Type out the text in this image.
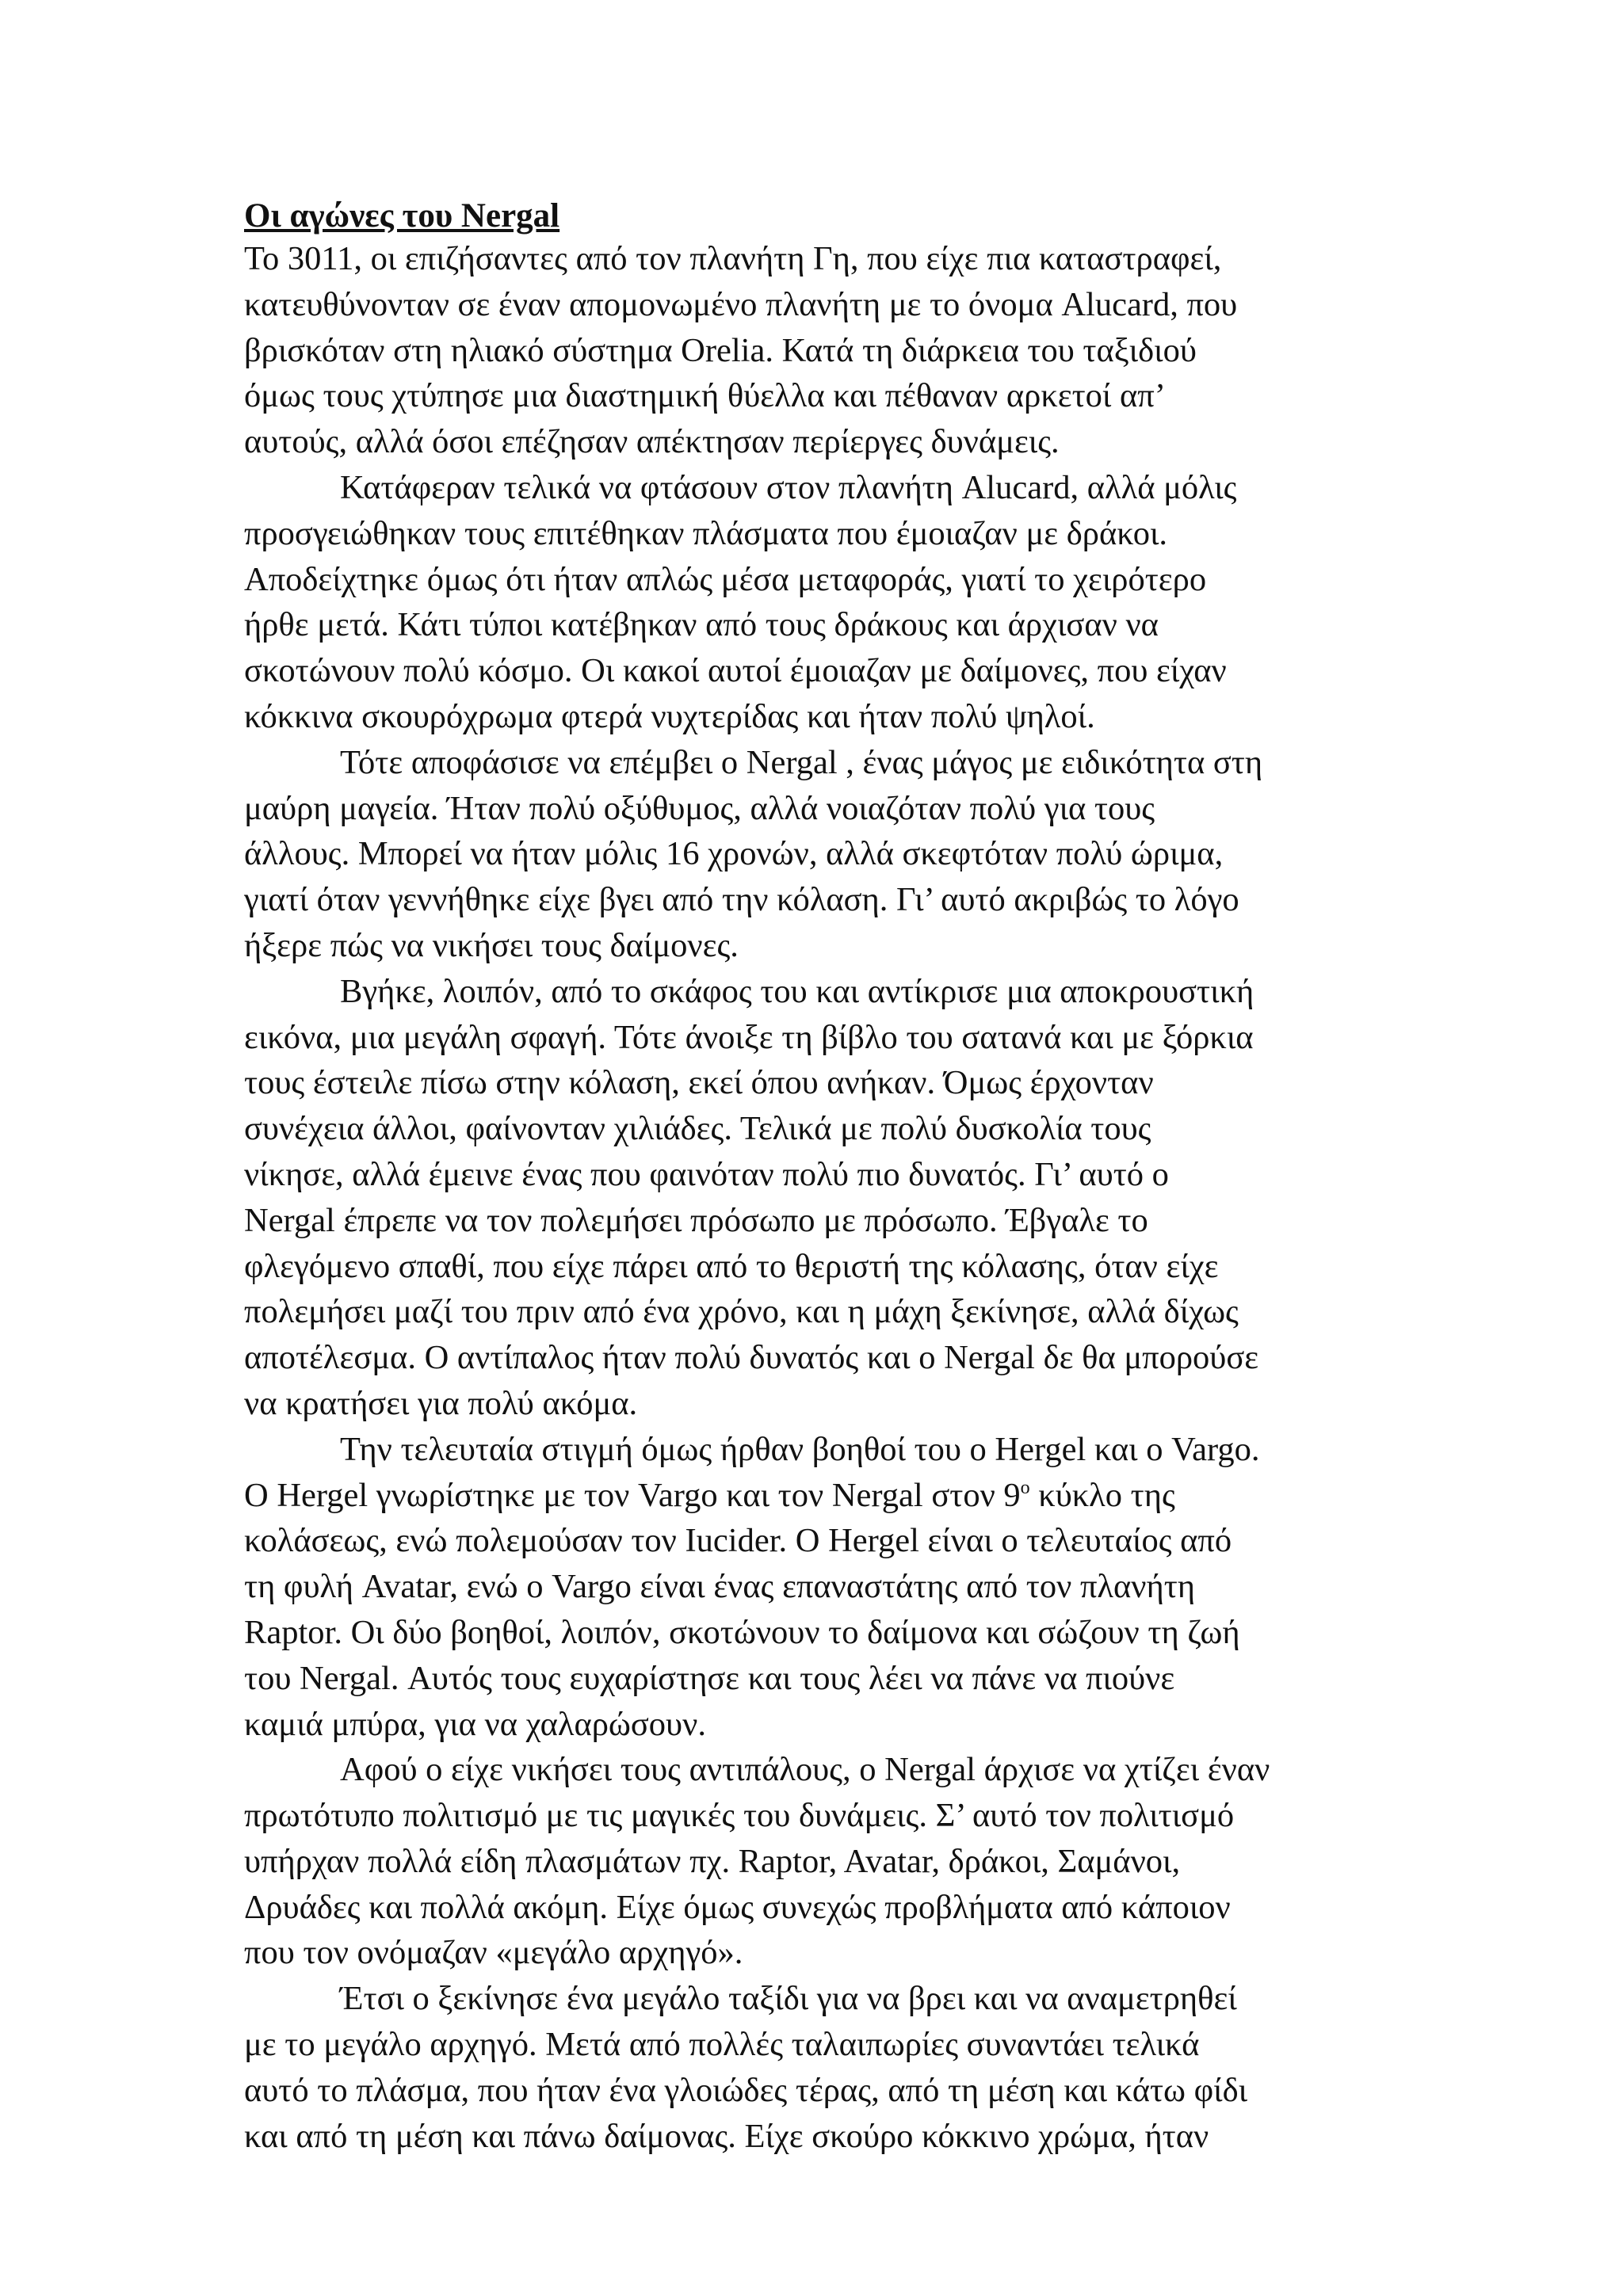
Οι αγώνες του Nergal
Το 3011, οι επιζήσαντες από τον πλανήτη Γη, που είχε πια καταστραφεί,
κατευθύνονταν σε έναν απομονωμένο πλανήτη με το όνομα Alucard, που
βρισκόταν στη ηλιακό σύστημα Orelia. Κατά τη διάρκεια του ταξιδιού
όμως τους χτύπησε μια διαστημική θύελλα και πέθαναν αρκετοί απ’
αυτούς, αλλά όσοι επέζησαν απέκτησαν περίεργες δυνάμεις.
Κατάφεραν τελικά να φτάσουν στον πλανήτη Alucard, αλλά μόλις
προσγειώθηκαν τους επιτέθηκαν πλάσματα που έμοιαζαν με δράκοι.
Αποδείχτηκε όμως ότι ήταν απλώς μέσα μεταφοράς, γιατί το χειρότερο
ήρθε μετά. Κάτι τύποι κατέβηκαν από τους δράκους και άρχισαν να
σκοτώνουν πολύ κόσμο. Οι κακοί αυτοί έμοιαζαν με δαίμονες, που είχαν
κόκκινα σκουρόχρωμα φτερά νυχτερίδας και ήταν πολύ ψηλοί.
Τότε αποφάσισε να επέμβει ο Nergal , ένας μάγος με ειδικότητα στη
μαύρη μαγεία. Ήταν πολύ οξύθυμος, αλλά νοιαζόταν πολύ για τους
άλλους. Μπορεί να ήταν μόλις 16 χρονών, αλλά σκεφτόταν πολύ ώριμα,
γιατί όταν γεννήθηκε είχε βγει από την κόλαση. Γι’ αυτό ακριβώς το λόγο
ήξερε πώς να νικήσει τους δαίμονες.
Βγήκε, λοιπόν, από το σκάφος του και αντίκρισε μια αποκρουστική
εικόνα, μια μεγάλη σφαγή. Τότε άνοιξε τη βίβλο του σατανά και με ξόρκια
τους έστειλε πίσω στην κόλαση, εκεί όπου ανήκαν. Όμως έρχονταν
συνέχεια άλλοι, φαίνονταν χιλιάδες. Τελικά με πολύ δυσκολία τους
νίκησε, αλλά έμεινε ένας που φαινόταν πολύ πιο δυνατός. Γι’ αυτό ο
Nergal έπρεπε να τον πολεμήσει πρόσωπο με πρόσωπο. Έβγαλε το
φλεγόμενο σπαθί, που είχε πάρει από το θεριστή της κόλασης, όταν είχε
πολεμήσει μαζί του πριν από ένα χρόνο, και η μάχη ξεκίνησε, αλλά δίχως
αποτέλεσμα. Ο αντίπαλος ήταν πολύ δυνατός και ο Nergal δε θα μπορούσε
να κρατήσει για πολύ ακόμα.
Την τελευταία στιγμή όμως ήρθαν βοηθοί του ο Hergel και ο Vargo.
Ο Hergel γνωρίστηκε με τον Vargo και τον Nergal στον $9^o$ κύκλο της
κολάσεως, ενώ πολεμούσαν τον Iucider. Ο Hergel είναι ο τελευταίος από
τη φυλή Avatar, ενώ ο Vargo είναι ένας επαναστάτης από τον πλανήτη
Raptor. Οι δύο βοηθοί, λοιπόν, σκοτώνουν το δαίμονα και σώζουν τη ζωή
του Nergal. Αυτός τους ευχαρίστησε και τους λέει να πάνε να πιούνε
καμιά μπύρα, για να χαλαρώσουν.
Αφού ο είχε νικήσει τους αντιπάλους, ο Nergal άρχισε να χτίζει έναν
πρωτότυπο πολιτισμό με τις μαγικές του δυνάμεις. Σ’ αυτό τον πολιτισμό
υπήρχαν πολλά είδη πλασμάτων πχ. Raptor, Avatar, δράκοι, Σαμάνοι,
Δρυάδες και πολλά ακόμη. Είχε όμως συνεχώς προβλήματα από κάποιον
που τον ονόμαζαν «μεγάλο αρχηγό».
Έτσι ο ξεκίνησε ένα μεγάλο ταξίδι για να βρει και να αναμετρηθεί
με το μεγάλο αρχηγό. Μετά από πολλές ταλαιπωρίες συναντάει τελικά
αυτό το πλάσμα, που ήταν ένα γλοιώδες τέρας, από τη μέση και κάτω φίδι
και από τη μέση και πάνω δαίμονας. Είχε σκούρο κόκκινο χρώμα, ήταν
